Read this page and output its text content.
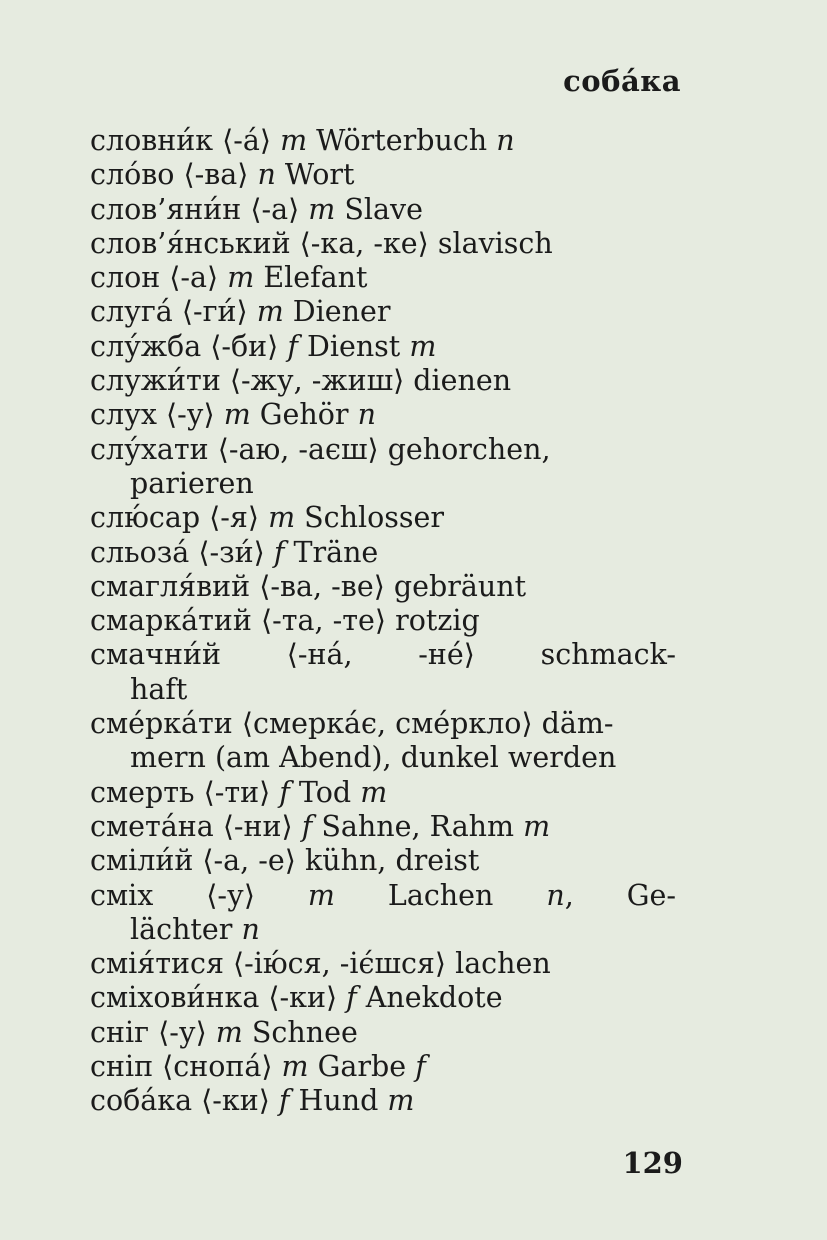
собáка
словни́к ⟨-á⟩ m Wörterbuch n
сло́во ⟨-ва⟩ n Wort
слов’яни́н ⟨-а⟩ m Slave
слов’я́нський ⟨-ка, -ке⟩ slavisch
слон ⟨-а⟩ m Elefant
слугá ⟨-ги́⟩ m Diener
слу́жба ⟨-би⟩ f Dienst m
служи́ти ⟨-жу, -жиш⟩ dienen
слух ⟨-у⟩ m Gehör n
слу́хати ⟨-аю, -аєш⟩ gehorchen,
parieren
слю́сар ⟨-я⟩ m Schlosser
сльозá ⟨-зи́⟩ f Träne
смагля́вий ⟨-ва, -ве⟩ gebräunt
смаркáтий ⟨-та, -те⟩ rotzig
смачни́й ⟨-нá, -нé⟩ schmack-
haft
смéркáти ⟨смеркáє, смéркло⟩ däm-
mern (am Abend), dunkel werden
смерть ⟨-ти⟩ f Tod m
сметáна ⟨-ни⟩ f Sahne, Rahm m
сміли́й ⟨-а, -е⟩ kühn, dreist
сміх ⟨-у⟩ m Lachen n, Ge-
lächter n
смія́тися ⟨-ію́ся, -іє́шся⟩ lachen
сміхови́нка ⟨-ки⟩ f Anekdote
сніг ⟨-у⟩ m Schnee
сніп ⟨снопá⟩ m Garbe f
собáка ⟨-ки⟩ f Hund m
129
